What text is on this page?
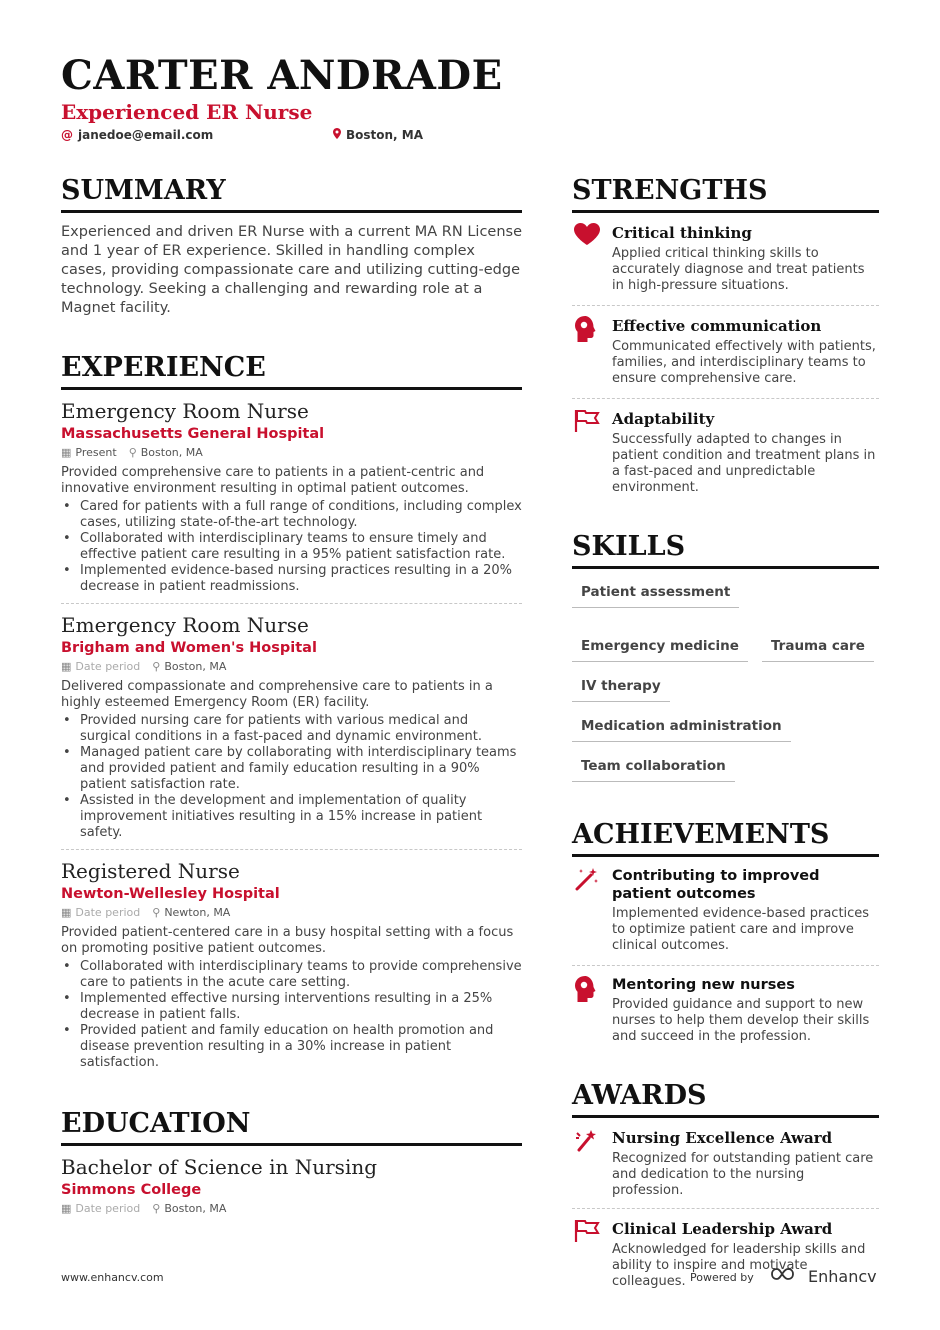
CARTER ANDRADE
Experienced ER Nurse
@ janedoe@email.com	Boston, MA
SUMMARY

Experienced and driven ER Nurse with a current MA RN License and 1 year of ER experience. Skilled in handling complex cases, providing compassionate care and utilizing cutting-edge technology. Seeking a challenging and rewarding role at a Magnet facility.

EXPERIENCE
Emergency Room Nurse
Massachusetts General Hospital
▦ Present ⚲ Boston, MA

Provided comprehensive care to patients in a patient-centric and innovative environment resulting in optimal patient outcomes.

• Cared for patients with a full range of conditions, including complex cases, utilizing state-of-the-art technology.
• Collaborated with interdisciplinary teams to ensure timely and effective patient care resulting in a 95% patient satisfaction rate.
• Implemented evidence-based nursing practices resulting in a 20% decrease in patient readmissions.
Emergency Room Nurse
Brigham and Women's Hospital
▦ Date period ⚲ Boston, MA

Delivered compassionate and comprehensive care to patients in a highly esteemed Emergency Room (ER) facility.

• Provided nursing care for patients with various medical and surgical conditions in a fast-paced and dynamic environment.
• Managed patient care by collaborating with interdisciplinary teams and provided patient and family education resulting in a 90% patient satisfaction rate.
• Assisted in the development and implementation of quality improvement initiatives resulting in a 15% increase in patient safety.
Registered Nurse
Newton-Wellesley Hospital
▦ Date period ⚲ Newton, MA

Provided patient-centered care in a busy hospital setting with a focus on promoting positive patient outcomes.

• Collaborated with interdisciplinary teams to provide comprehensive care to patients in the acute care setting.
• Implemented effective nursing interventions resulting in a 25% decrease in patient falls.
• Provided patient and family education on health promotion and disease prevention resulting in a 30% increase in patient satisfaction.
EDUCATION
Bachelor of Science in Nursing
Simmons College
▦ Date period ⚲ Boston, MA
STRENGTHS
Critical thinking
Applied critical thinking skills to accurately diagnose and treat patients in high-pressure situations.
Effective communication
Communicated effectively with patients, families, and interdisciplinary teams to ensure comprehensive care.
Adaptability
Successfully adapted to changes in patient condition and treatment plans in a fast-paced and unpredictable environment.
SKILLS
Patient assessment
Emergency medicine	Trauma care
IV therapy
Medication administration
Team collaboration
ACHIEVEMENTS
Contributing to improved patient outcomes
Implemented evidence-based practices to optimize patient care and improve clinical outcomes.
Mentoring new nurses
Provided guidance and support to new nurses to help them develop their skills and succeed in the profession.
AWARDS
Nursing Excellence Award
Recognized for outstanding patient care and dedication to the nursing profession.
Clinical Leadership Award
Acknowledged for leadership skills and ability to inspire and motivate colleagues.
www.enhancv.com	Powered by	Enhancv
